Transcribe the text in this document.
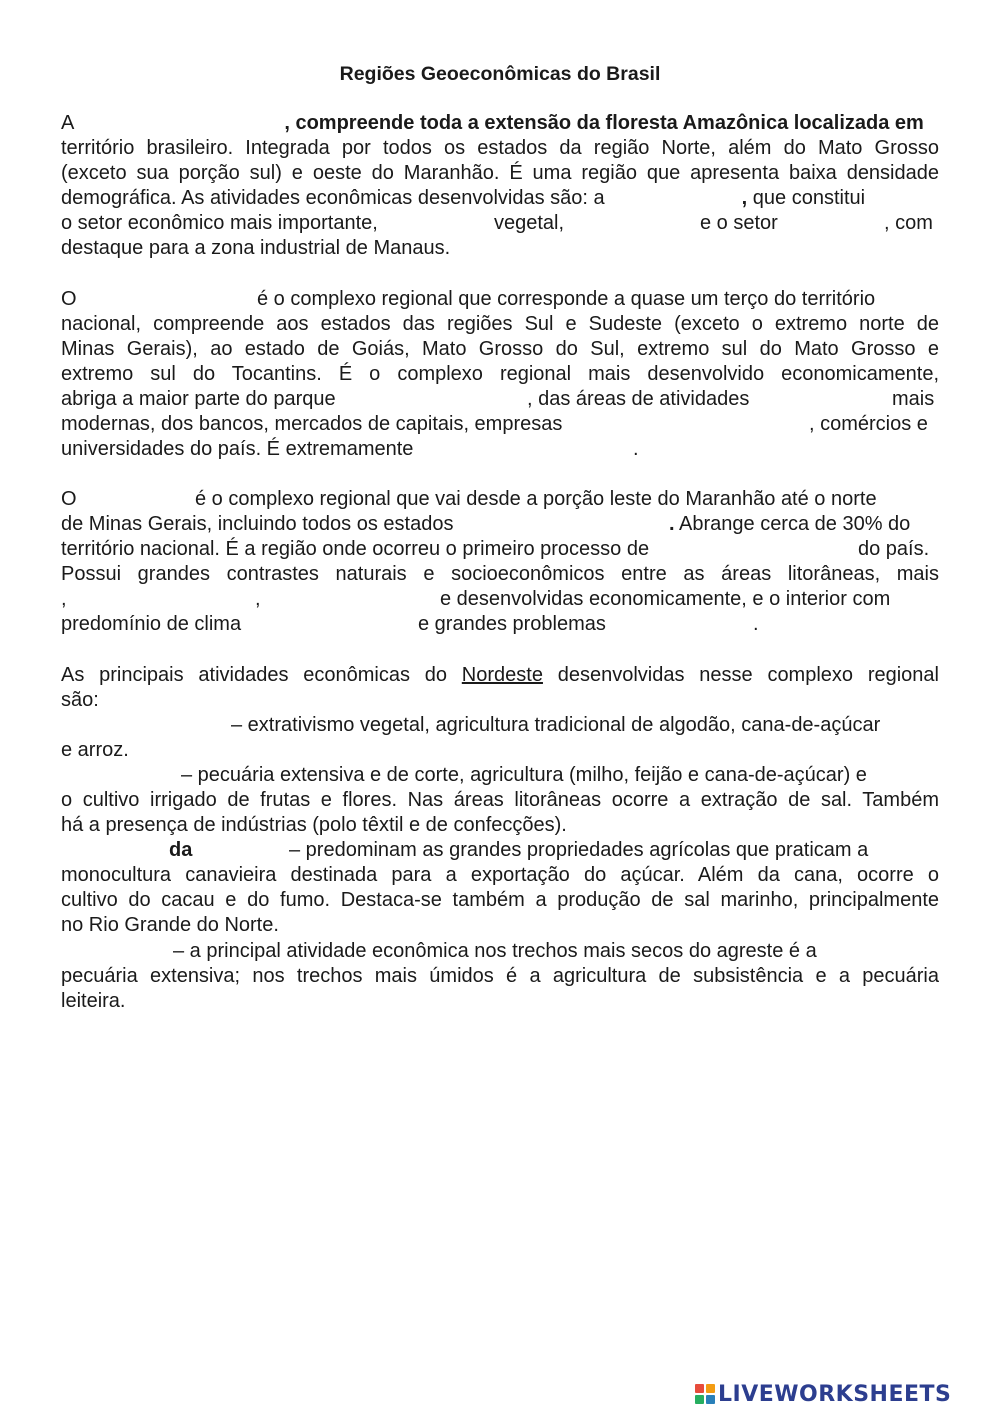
Regiões Geoeconômicas do Brasil
A	, compreende toda a extensão da floresta Amazônica localizada em
território brasileiro. Integrada por todos os estados da região Norte, além do Mato Grosso
(exceto sua porção sul) e oeste do Maranhão. É uma região que apresenta baixa densidade
demográfica. As atividades econômicas desenvolvidas são: a	, que constitui
o setor econômico mais importante,	vegetal,	e o setor	, com
destaque para a zona industrial de Manaus.
O	é o complexo regional que corresponde a quase um terço do território
nacional, compreende aos estados das regiões Sul e Sudeste (exceto o extremo norte de
Minas Gerais), ao estado de Goiás, Mato Grosso do Sul, extremo sul do Mato Grosso e
extremo sul do Tocantins. É o complexo regional mais desenvolvido economicamente,
abriga a maior parte do parque	, das áreas de atividades	mais
modernas, dos bancos, mercados de capitais, empresas	, comércios e
universidades do país. É extremamente	.
O	é o complexo regional que vai desde a porção leste do Maranhão até o norte
de Minas Gerais, incluindo todos os estados	. Abrange cerca de 30% do
território nacional. É a região onde ocorreu o primeiro processo de	do país.
Possui grandes contrastes naturais e socioeconômicos entre as áreas litorâneas, mais
,	,	e desenvolvidas economicamente, e o interior com
predomínio de clima	e grandes problemas	.
As principais atividades econômicas do Nordeste desenvolvidas nesse complexo regional
são:
– extrativismo vegetal, agricultura tradicional de algodão, cana-de-açúcar
e arroz.
– pecuária extensiva e de corte, agricultura (milho, feijão e cana-de-açúcar) e
o cultivo irrigado de frutas e flores. Nas áreas litorâneas ocorre a extração de sal. Também
há a presença de indústrias (polo têxtil e de confecções).
da	– predominam as grandes propriedades agrícolas que praticam a
monocultura canavieira destinada para a exportação do açúcar. Além da cana, ocorre o
cultivo do cacau e do fumo. Destaca-se também a produção de sal marinho, principalmente
no Rio Grande do Norte.
– a principal atividade econômica nos trechos mais secos do agreste é a
pecuária extensiva; nos trechos mais úmidos é a agricultura de subsistência e a pecuária
leiteira.
LIVEWORKSHEETS
